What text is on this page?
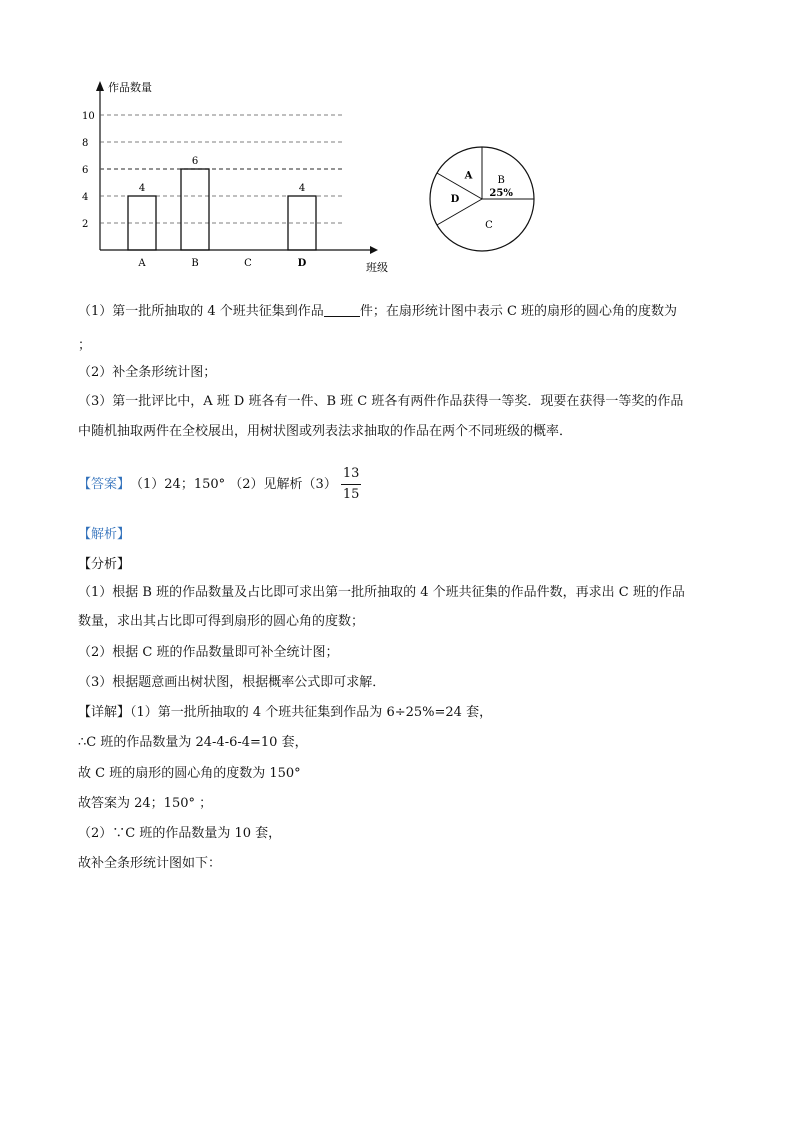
作品数量
班级
2
4
6
8
10
A
4
B
6
C	D
4
B
25%
C
D
A
（1）第一批所抽取的 4 个班共征集到作品	件；在扇形统计图中表示 C 班的扇形的圆心角的度数为
；
（2）补全条形统计图；
（3）第一批评比中，A 班 D 班各有一件、B 班 C 班各有两件作品获得一等奖．现要在获得一等奖的作品
中随机抽取两件在全校展出，用树状图或列表法求抽取的作品在两个不同班级的概率．
【答案】 （1）24；150° （2）见解析$(3) \frac{13}{15}$
【解析】
【分析】
（1）根据 B 班的作品数量及占比即可求出第一批所抽取的 4 个班共征集的作品件数，再求出 C 班的作品
数量，求出其占比即可得到扇形的圆心角的度数；
（2）根据 C 班的作品数量即可补全统计图；
（3）根据题意画出树状图，根据概率公式即可求解．
【详解】（1）第一批所抽取的 4 个班共征集到作品为 6÷25%=24 套，
∴C 班的作品数量为 24-4-6-4=10 套，
故 C 班的扇形的圆心角的度数为 150°
故答案为 24；150° ；
（2）∵C 班的作品数量为 10 套，
故补全条形统计图如下：
